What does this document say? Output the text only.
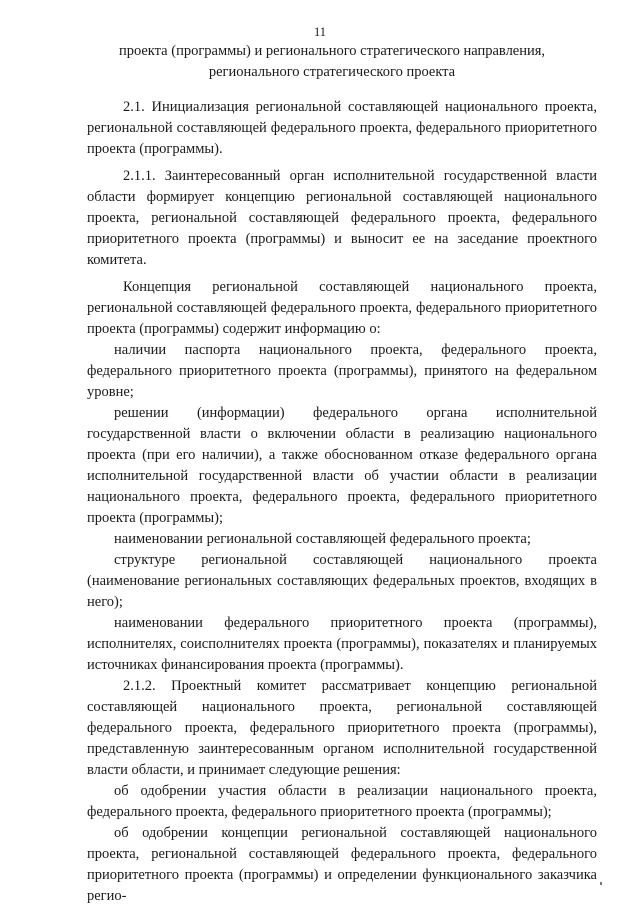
11
проекта (программы) и регионального стратегического направления, регионального стратегического проекта

2.1. Инициализация региональной составляющей национального проекта, региональной составляющей федерального проекта, федерального приоритетного проекта (программы).

2.1.1. Заинтересованный орган исполнительной государственной власти области формирует концепцию региональной составляющей национального проекта, региональной составляющей федерального проекта, федерального приоритетного проекта (программы) и выносит ее на заседание проектного комитета.

Концепция региональной составляющей национального проекта, региональной составляющей федерального проекта, федерального приоритетного проекта (программы) содержит информацию о:

наличии паспорта национального проекта, федерального проекта, федерального приоритетного проекта (программы), принятого на федеральном уровне;

решении (информации) федерального органа исполнительной государственной власти о включении области в реализацию национального проекта (при его наличии), а также обоснованном отказе федерального органа исполнительной государственной власти об участии области в реализации национального проекта, федерального проекта, федерального приоритетного проекта (программы);

наименовании региональной составляющей федерального проекта;

структуре региональной составляющей национального проекта (наименование региональных составляющих федеральных проектов, входящих в него);

наименовании федерального приоритетного проекта (программы), исполнителях, соисполнителях проекта (программы), показателях и планируемых источниках финансирования проекта (программы).

2.1.2. Проектный комитет рассматривает концепцию региональной составляющей национального проекта, региональной составляющей федерального проекта, федерального приоритетного проекта (программы), представленную заинтересованным органом исполнительной государственной власти области, и принимает следующие решения:

об одобрении участия области в реализации национального проекта, федерального проекта, федерального приоритетного проекта (программы);

об одобрении концепции региональной составляющей национального проекта, региональной составляющей федерального проекта, федерального приоритетного проекта (программы) и определении функционального заказчика регио-
